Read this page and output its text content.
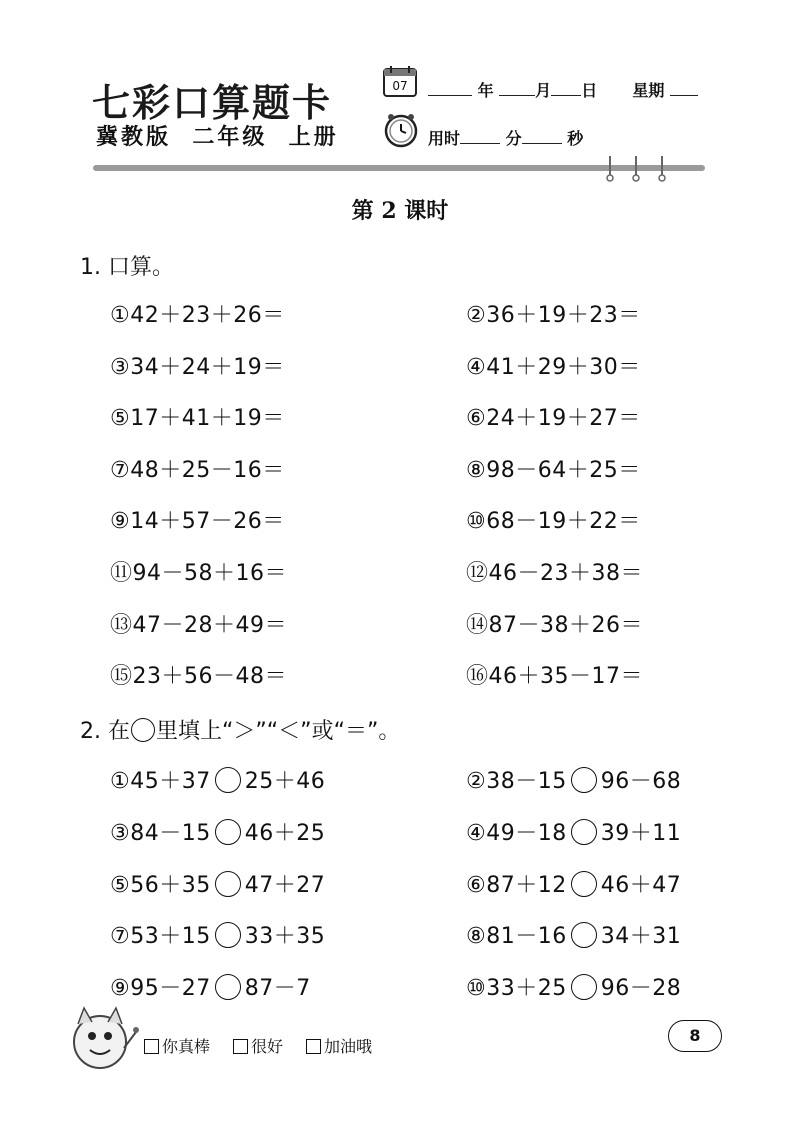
七彩口算题卡
冀教版  二年级  上册
07	年	月 日 星期
用时	分	秒
第 2 课时
1. 口算。
①42＋23＋26＝	②36＋19＋23＝
③34＋24＋19＝	④41＋29＋30＝
⑤17＋41＋19＝	⑥24＋19＋27＝
⑦48＋25－16＝	⑧98－64＋25＝
⑨14＋57－26＝	⑩68－19＋22＝
⑪94－58＋16＝	⑫46－23＋38＝
⑬47－28＋49＝	⑭87－38＋26＝
⑮23＋56－48＝	⑯46＋35－17＝
2. 在 里填上“＞”“＜”或“＝”。
①45＋37 25＋46	②38－15 96－68
③84－15 46＋25	④49－18 39＋11
⑤56＋35 47＋27	⑥87＋12 46＋47
⑦53＋15 33＋35	⑧81－16 34＋31
⑨95－27 87－7	⑩33＋25 96－28
你真棒	很好	加油哦
8
